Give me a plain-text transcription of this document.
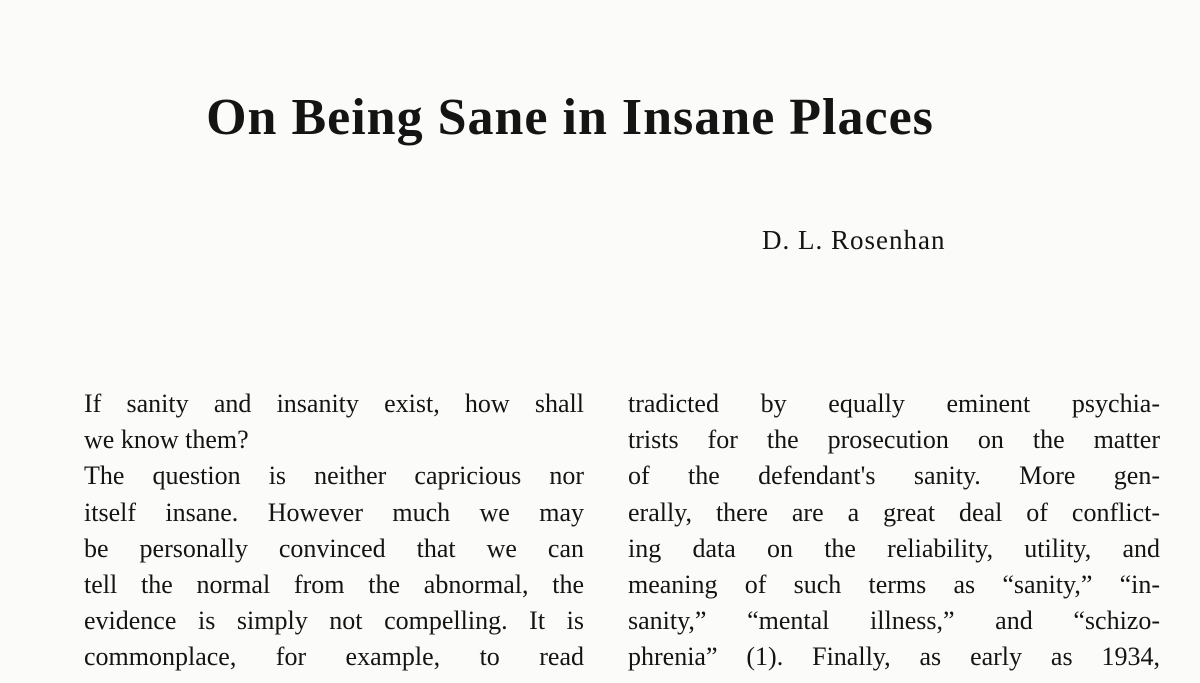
On Being Sane in Insane Places

D. L. Rosenhan

If sanity and insanity exist, how shall
we know them?

The question is neither capricious nor
itself insane. However much we may
be personally convinced that we can
tell the normal from the abnormal, the
evidence is simply not compelling. It is
commonplace, for example, to read

tradicted by equally eminent psychia-
trists for the prosecution on the matter
of the defendant's sanity. More gen-
erally, there are a great deal of conflict-
ing data on the reliability, utility, and
meaning of such terms as “sanity,” “in-
sanity,” “mental illness,” and “schizo-
phrenia” (1). Finally, as early as 1934,
